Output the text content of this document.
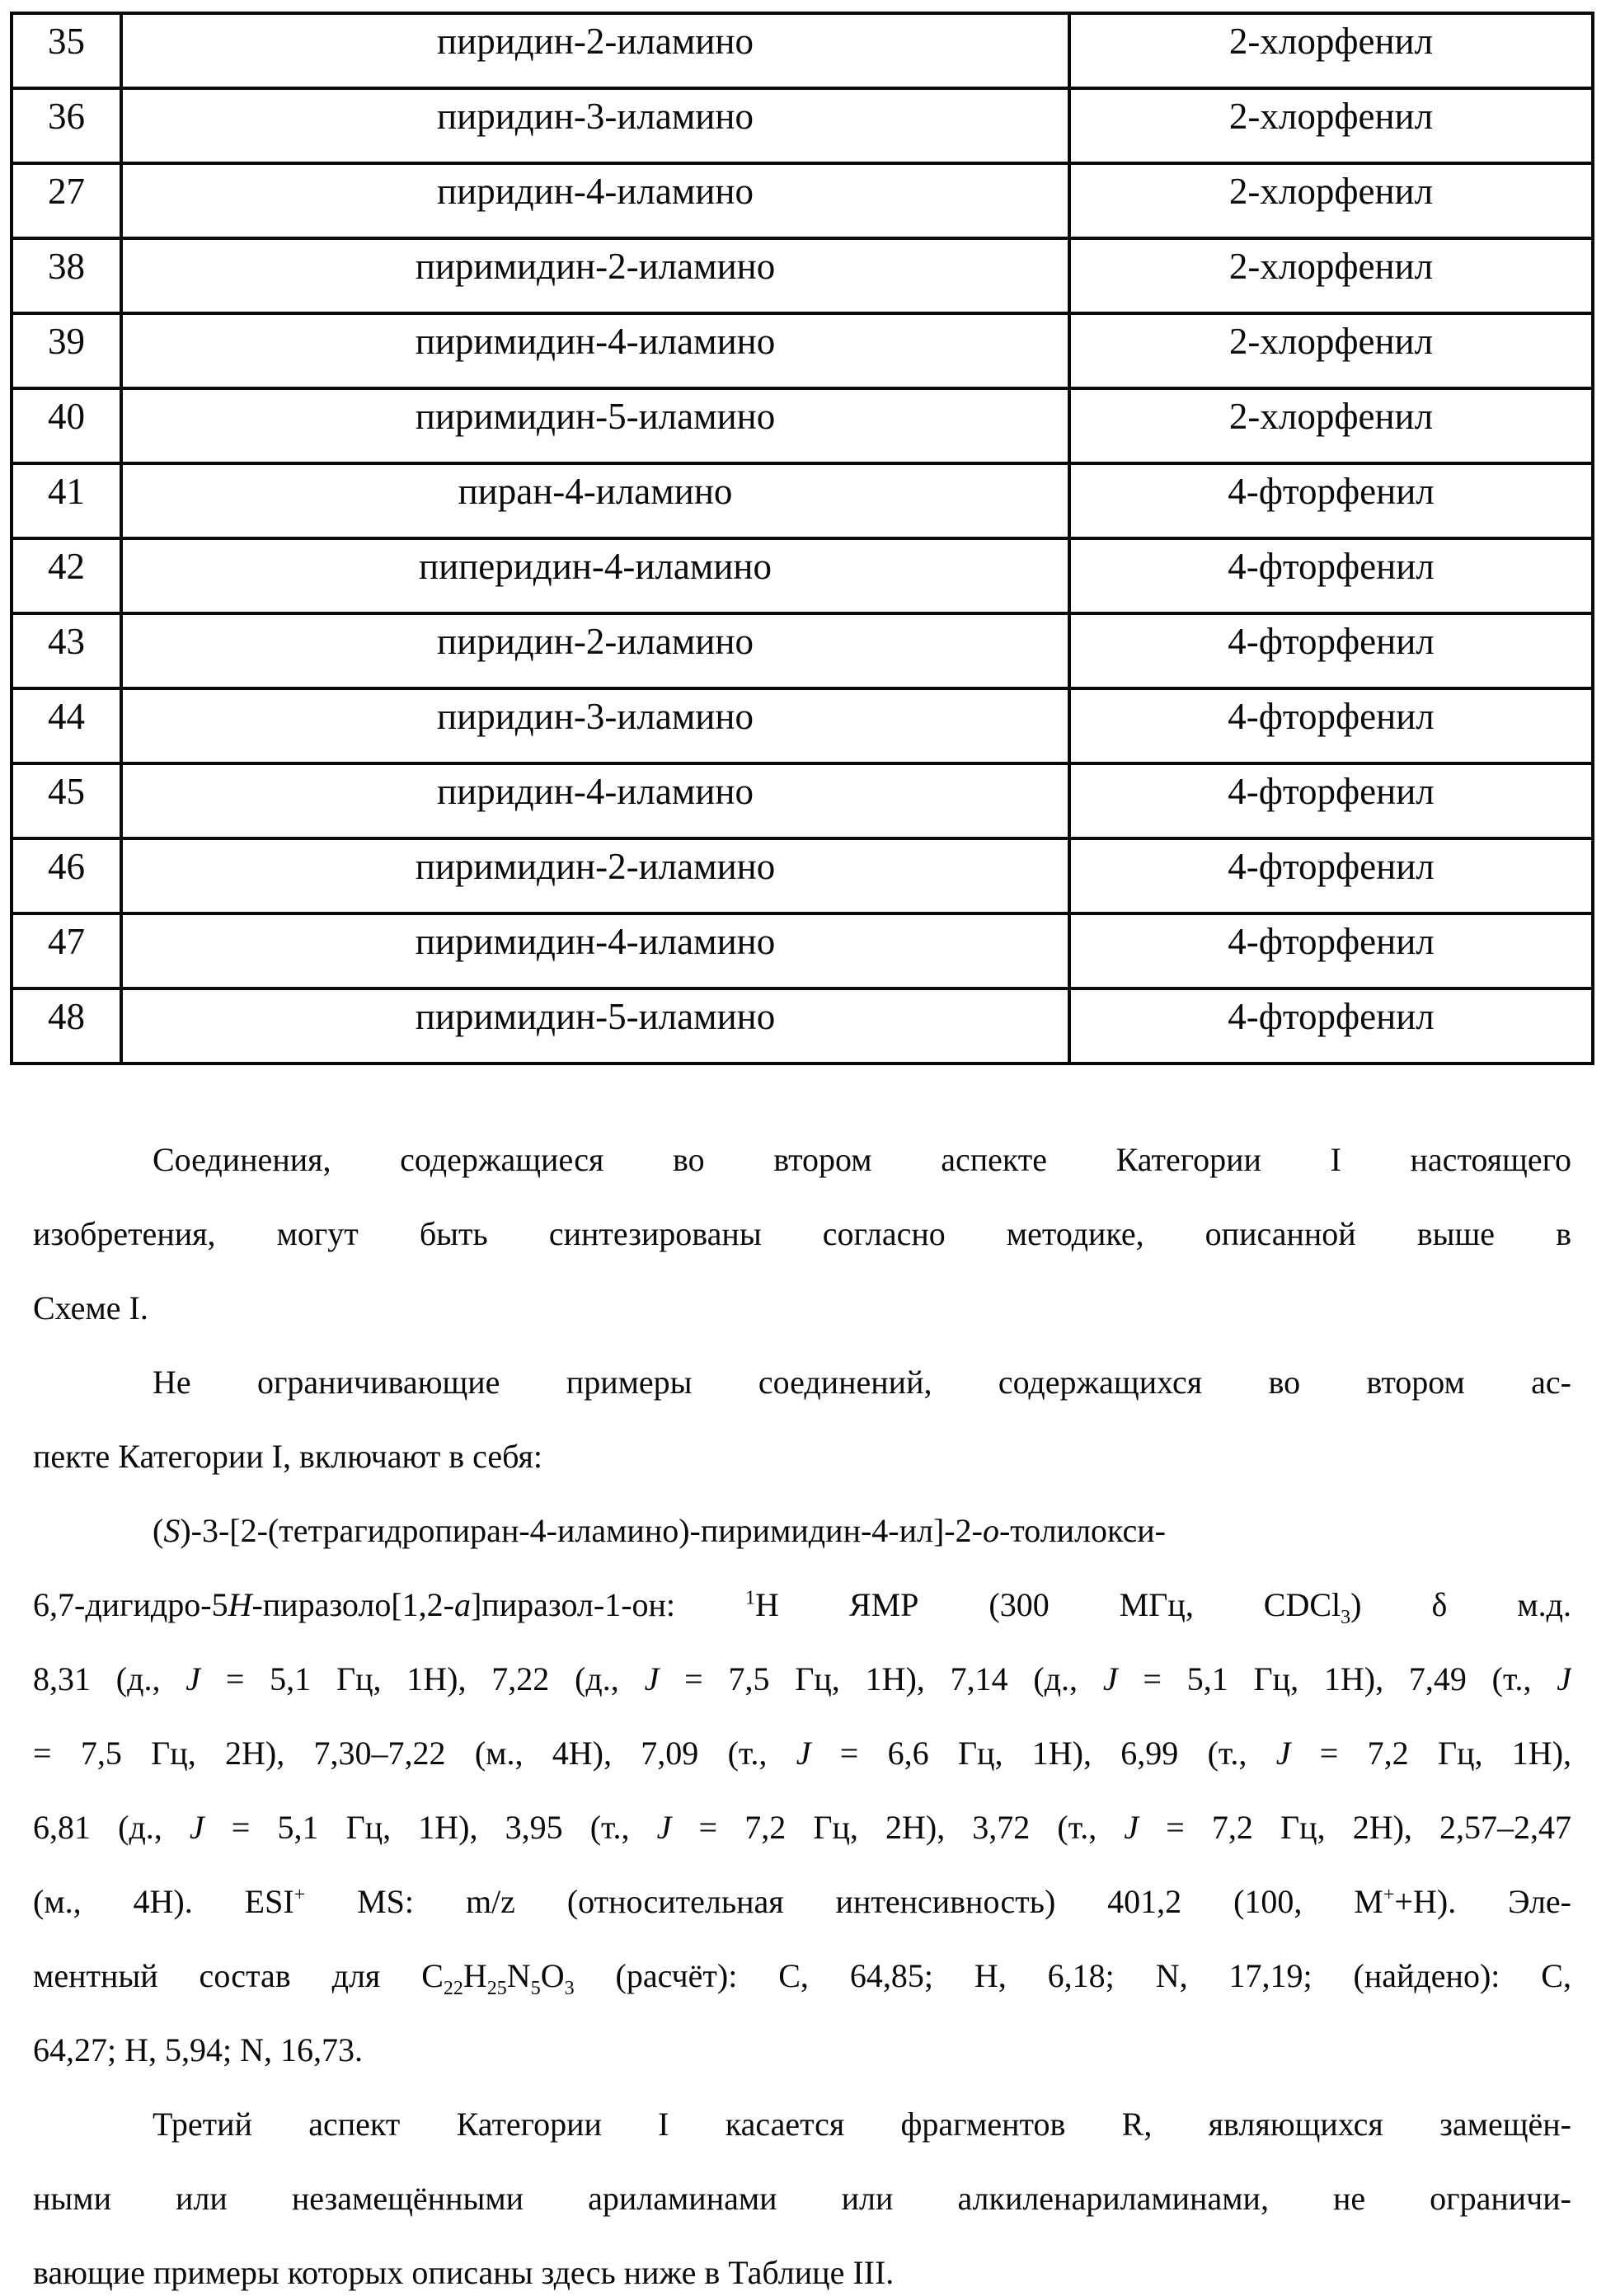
35	пиридин-2-иламино	2-хлорфенил
36	пиридин-3-иламино	2-хлорфенил
27	пиридин-4-иламино	2-хлорфенил
38	пиримидин-2-иламино	2-хлорфенил
39	пиримидин-4-иламино	2-хлорфенил
40	пиримидин-5-иламино	2-хлорфенил
41	пиран-4-иламино	4-фторфенил
42	пиперидин-4-иламино	4-фторфенил
43	пиридин-2-иламино	4-фторфенил
44	пиридин-3-иламино	4-фторфенил
45	пиридин-4-иламино	4-фторфенил
46	пиримидин-2-иламино	4-фторфенил
47	пиримидин-4-иламино	4-фторфенил
48	пиримидин-5-иламино	4-фторфенил
Соединения, содержащиеся во втором аспекте Категории I настоящего
изобретения, могут быть синтезированы согласно методике, описанной выше в
Схеме I.
Не ограничивающие примеры соединений, содержащихся во втором ас-
пекте Категории I, включают в себя:
(S)-3-[2-(тетрагидропиран-4-иламино)-пиримидин-4-ил]-2-o-толилокси-
6,7-дигидро-5H-пиразоло[1,2-a]пиразол-1-он: $^1$H ЯМР (300 МГц, CDCl$_3$) δ м.д.
8,31 (д., J = 5,1 Гц, 1H), 7,22 (д., J = 7,5 Гц, 1H), 7,14 (д., J = 5,1 Гц, 1H), 7,49 (т., J
= 7,5 Гц, 2H), 7,30–7,22 (м., 4H), 7,09 (т., J = 6,6 Гц, 1H), 6,99 (т., J = 7,2 Гц, 1H),
6,81 (д., J = 5,1 Гц, 1H), 3,95 (т., J = 7,2 Гц, 2H), 3,72 (т., J = 7,2 Гц, 2H), 2,57–2,47
(м., 4H). ESI+ MS: m/z (относительная интенсивность) 401,2 (100, M++H). Эле-
ментный состав для $C_{22}H_{25}N_5O_3$ (расчёт): C, 64,85; H, 6,18; N, 17,19; (найдено): C,
64,27; H, 5,94; N, 16,73.
Третий аспект Категории I касается фрагментов R, являющихся замещён-
ными или незамещёнными ариламинами или алкиленариламинами, не ограничи-
вающие примеры которых описаны здесь ниже в Таблице III.
